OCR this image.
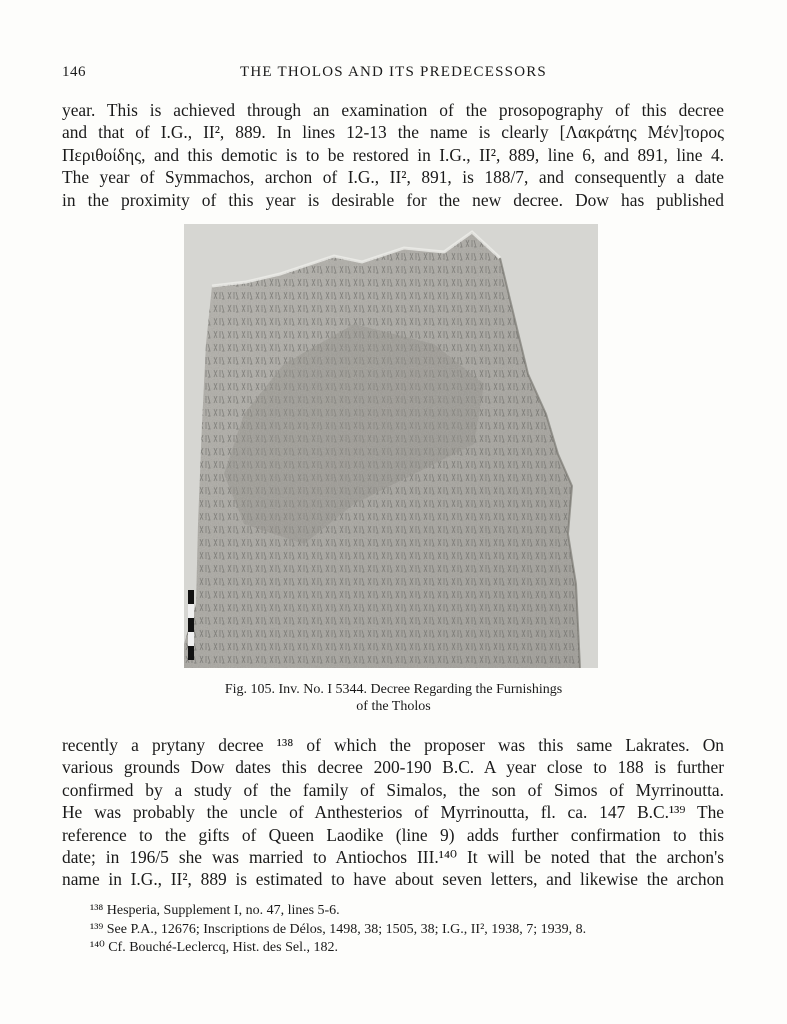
146	THE THOLOS AND ITS PREDECESSORS
year. This is achieved through an examination of the prosopography of this decree
and that of I.G., II², 889. In lines 12-13 the name is clearly [Λακράτης Μέν]τορος
Περιθοίδης, and this demotic is to be restored in I.G., II², 889, line 6, and 891, line 4.
The year of Symmachos, archon of I.G., II², 891, is 188/7, and consequently a date
in the proximity of this year is desirable for the new decree. Dow has published
Fig. 105. Inv. No. I 5344. Decree Regarding the Furnishings
of the Tholos
recently a prytany decree ¹³⁸ of which the proposer was this same Lakrates. On
various grounds Dow dates this decree 200-190 B.C. A year close to 188 is further
confirmed by a study of the family of Simalos, the son of Simos of Myrrinoutta.
He was probably the uncle of Anthesterios of Myrrinoutta, fl. ca. 147 B.C.¹³⁹ The
reference to the gifts of Queen Laodike (line 9) adds further confirmation to this
date; in 196/5 she was married to Antiochos III.¹⁴⁰ It will be noted that the archon's
name in I.G., II², 889 is estimated to have about seven letters, and likewise the archon
¹³⁸ Hesperia, Supplement I, no. 47, lines 5-6.
¹³⁹ See P.A., 12676; Inscriptions de Délos, 1498, 38; 1505, 38; I.G., II², 1938, 7; 1939, 8.
¹⁴⁰ Cf. Bouché-Leclercq, Hist. des Sel., 182.
